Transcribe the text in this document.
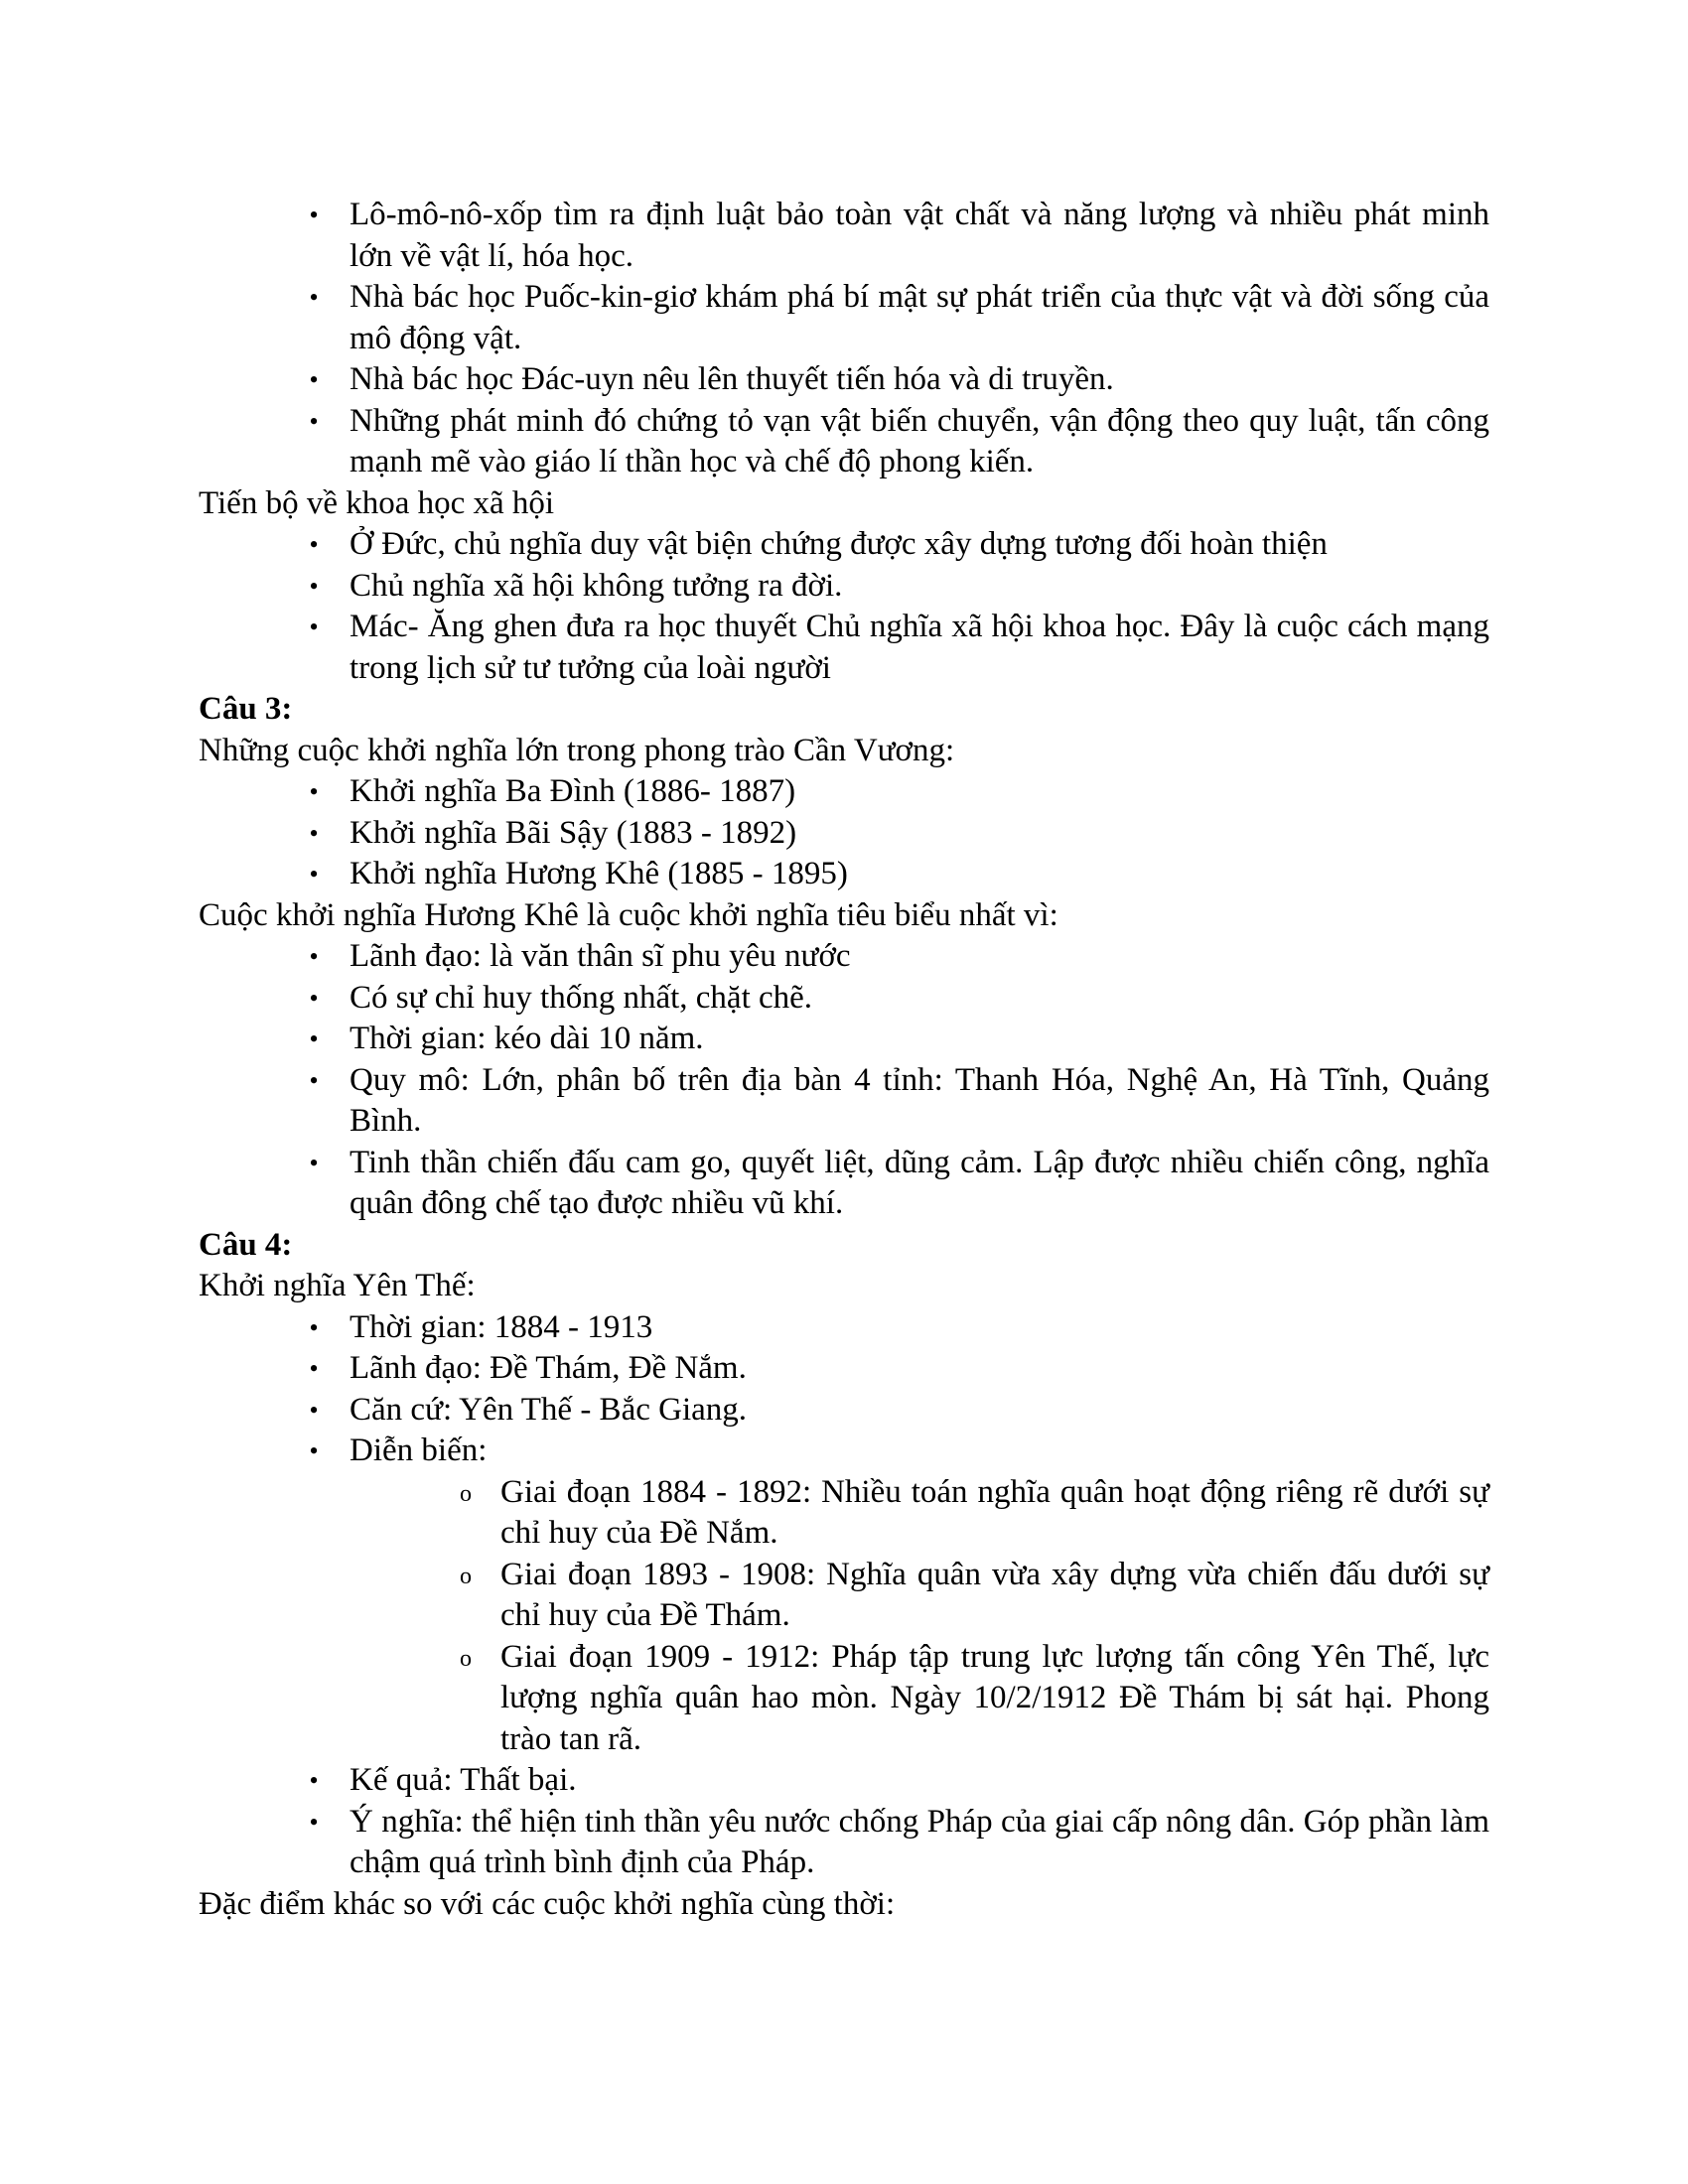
• Lô-mô-nô-xốp tìm ra định luật bảo toàn vật chất và năng lượng và nhiều phát minh lớn về vật lí, hóa học.
• Nhà bác học Puốc-kin-giơ khám phá bí mật sự phát triển của thực vật và đời sống của mô động vật.
• Nhà bác học Đác-uyn nêu lên thuyết tiến hóa và di truyền.
• Những phát minh đó chứng tỏ vạn vật biến chuyển, vận động theo quy luật, tấn công mạnh mẽ vào giáo lí thần học và chế độ phong kiến.

Tiến bộ về khoa học xã hội

• Ở Đức, chủ nghĩa duy vật biện chứng được xây dựng tương đối hoàn thiện
• Chủ nghĩa xã hội không tưởng ra đời.
• Mác- Ăng ghen đưa ra học thuyết Chủ nghĩa xã hội khoa học. Đây là cuộc cách mạng trong lịch sử tư tưởng của loài người

Câu 3:

Những cuộc khởi nghĩa lớn trong phong trào Cần Vương:

• Khởi nghĩa Ba Đình (1886- 1887)
• Khởi nghĩa Bãi Sậy (1883 - 1892)
• Khởi nghĩa Hương Khê (1885 - 1895)

Cuộc khởi nghĩa Hương Khê là cuộc khởi nghĩa tiêu biểu nhất vì:

• Lãnh đạo: là văn thân sĩ phu yêu nước
• Có sự chỉ huy thống nhất, chặt chẽ.
• Thời gian: kéo dài 10 năm.
• Quy mô: Lớn, phân bố trên địa bàn 4 tỉnh: Thanh Hóa, Nghệ An, Hà Tĩnh, Quảng Bình.
• Tinh thần chiến đấu cam go, quyết liệt, dũng cảm. Lập được nhiều chiến công, nghĩa quân đông chế tạo được nhiều vũ khí.

Câu 4:

Khởi nghĩa Yên Thế:

• Thời gian: 1884 - 1913
• Lãnh đạo: Đề Thám, Đề Nắm.
• Căn cứ: Yên Thế - Bắc Giang.
• Diễn biến:
o Giai đoạn 1884 - 1892: Nhiều toán nghĩa quân hoạt động riêng rẽ dưới sự chỉ huy của Đề Nắm.
o Giai đoạn 1893 - 1908: Nghĩa quân vừa xây dựng vừa chiến đấu dưới sự chỉ huy của Đề Thám.
o Giai đoạn 1909 - 1912: Pháp tập trung lực lượng tấn công Yên Thế, lực lượng nghĩa quân hao mòn. Ngày 10/2/1912 Đề Thám bị sát hại. Phong trào tan rã.
• Kế quả: Thất bại.
• Ý nghĩa: thể hiện tinh thần yêu nước chống Pháp của giai cấp nông dân. Góp phần làm chậm quá trình bình định của Pháp.

Đặc điểm khác so với các cuộc khởi nghĩa cùng thời:
